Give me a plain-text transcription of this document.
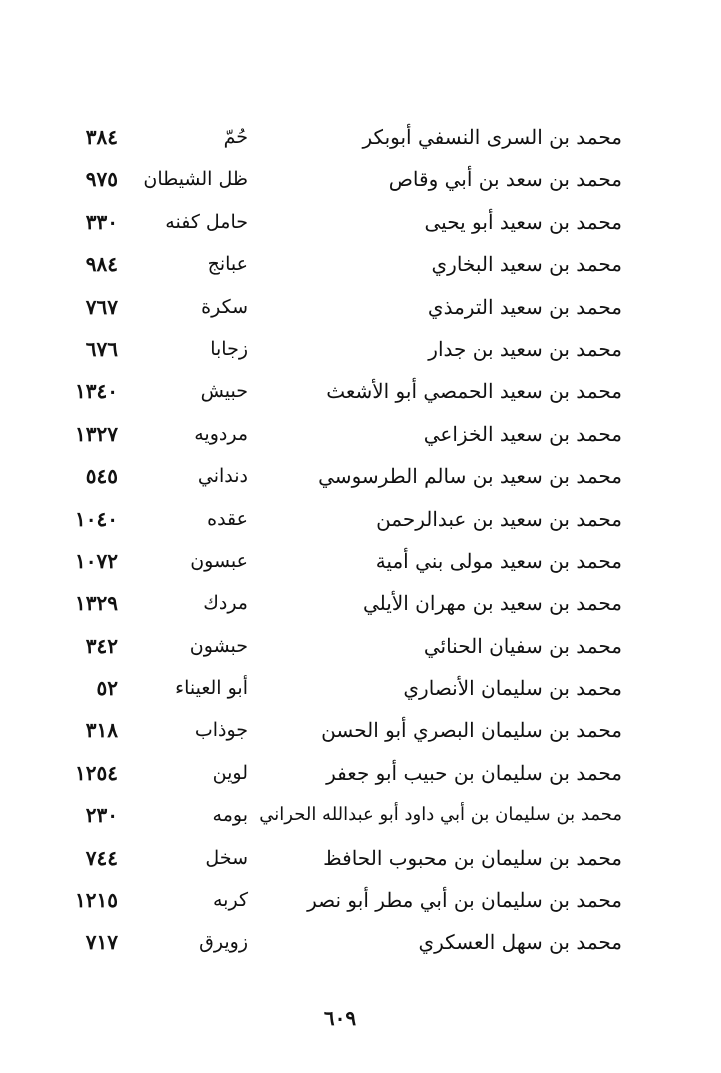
محمد بن السرى النسفي أبوبكر
حُمّ
٣٨٤
محمد بن سعد بن أبي وقاص
ظل الشيطان
٩٧٥
محمد بن سعيد أبو يحيى
حامل كفنه
٣٣٠
محمد بن سعيد البخاري
عبانج
٩٨٤
محمد بن سعيد الترمذي
سكرة
٧٦٧
محمد بن سعيد بن جدار
زجابا
٦٧٦
محمد بن سعيد الحمصي أبو الأشعث
حبيش
١٣٤٠
محمد بن سعيد الخزاعي
مردويه
١٣٢٧
محمد بن سعيد بن سالم الطرسوسي
دنداني
٥٤٥
محمد بن سعيد بن عبدالرحمن
عقده
١٠٤٠
محمد بن سعيد مولى بني أمية
عبسون
١٠٧٢
محمد بن سعيد بن مهران الأيلي
مردك
١٣٢٩
محمد بن سفيان الحنائي
حبشون
٣٤٢
محمد بن سليمان الأنصاري
أبو العيناء
٥٢
محمد بن سليمان البصري أبو الحسن
جوذاب
٣١٨
محمد بن سليمان بن حبيب أبو جعفر
لوين
١٢٥٤
محمد بن سليمان بن أبي داود أبو عبدالله الحراني
بومه
٢٣٠
محمد بن سليمان بن محبوب الحافظ
سخل
٧٤٤
محمد بن سليمان بن أبي مطر أبو نصر
كربه
١٢١٥
محمد بن سهل العسكري
زويرق
٧١٧
٦٠٩
